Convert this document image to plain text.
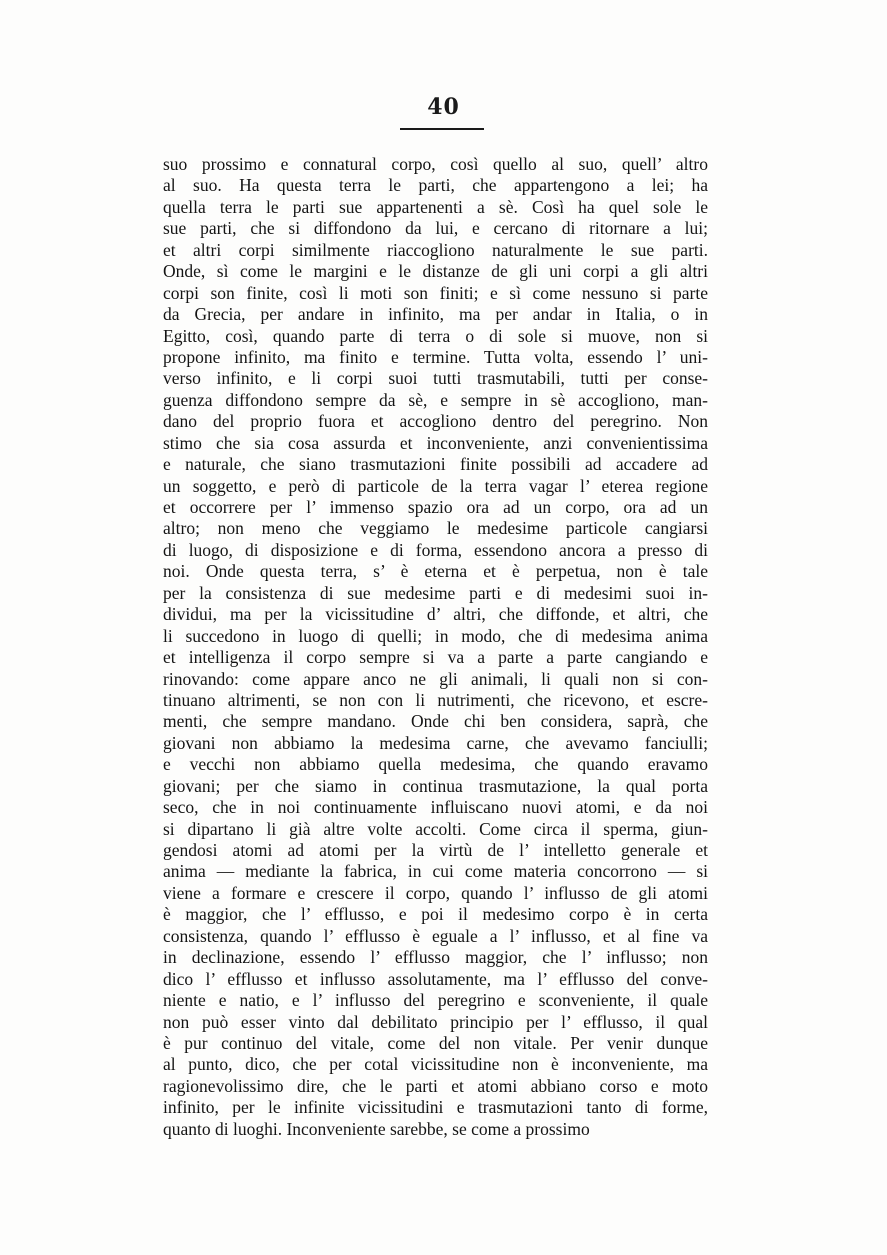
40
suo prossimo e connatural corpo, così quello al suo, quell’ altro
al suo. Ha questa terra le parti, che appartengono a lei; ha
quella terra le parti sue appartenenti a sè. Così ha quel sole le
sue parti, che si diffondono da lui, e cercano di ritornare a lui;
et altri corpi similmente riaccogliono naturalmente le sue parti.
Onde, sì come le margini e le distanze de gli uni corpi a gli altri
corpi son finite, così li moti son finiti; e sì come nessuno si parte
da Grecia, per andare in infinito, ma per andar in Italia, o in
Egitto, così, quando parte di terra o di sole si muove, non si
propone infinito, ma finito e termine. Tutta volta, essendo l’ uni-
verso infinito, e li corpi suoi tutti trasmutabili, tutti per conse-
guenza diffondono sempre da sè, e sempre in sè accogliono, man-
dano del proprio fuora et accogliono dentro del peregrino. Non
stimo che sia cosa assurda et inconveniente, anzi convenientissima
e naturale, che siano trasmutazioni finite possibili ad accadere ad
un soggetto, e però di particole de la terra vagar l’ eterea regione
et occorrere per l’ immenso spazio ora ad un corpo, ora ad un
altro; non meno che veggiamo le medesime particole cangiarsi
di luogo, di disposizione e di forma, essendono ancora a presso di
noi. Onde questa terra, s’ è eterna et è perpetua, non è tale
per la consistenza di sue medesime parti e di medesimi suoi in-
dividui, ma per la vicissitudine d’ altri, che diffonde, et altri, che
li succedono in luogo di quelli; in modo, che di medesima anima
et intelligenza il corpo sempre si va a parte a parte cangiando e
rinovando: come appare anco ne gli animali, li quali non si con-
tinuano altrimenti, se non con li nutrimenti, che ricevono, et escre-
menti, che sempre mandano. Onde chi ben considera, saprà, che
giovani non abbiamo la medesima carne, che avevamo fanciulli;
e vecchi non abbiamo quella medesima, che quando eravamo
giovani; per che siamo in continua trasmutazione, la qual porta
seco, che in noi continuamente influiscano nuovi atomi, e da noi
si dipartano li già altre volte accolti. Come circa il sperma, giun-
gendosi atomi ad atomi per la virtù de l’ intelletto generale et
anima — mediante la fabrica, in cui come materia concorrono — si
viene a formare e crescere il corpo, quando l’ influsso de gli atomi
è maggior, che l’ efflusso, e poi il medesimo corpo è in certa
consistenza, quando l’ efflusso è eguale a l’ influsso, et al fine va
in declinazione, essendo l’ efflusso maggior, che l’ influsso; non
dico l’ efflusso et influsso assolutamente, ma l’ efflusso del conve-
niente e natio, e l’ influsso del peregrino e sconveniente, il quale
non può esser vinto dal debilitato principio per l’ efflusso, il qual
è pur continuo del vitale, come del non vitale. Per venir dunque
al punto, dico, che per cotal vicissitudine non è inconveniente, ma
ragionevolissimo dire, che le parti et atomi abbiano corso e moto
infinito, per le infinite vicissitudini e trasmutazioni tanto di forme,
quanto di luoghi. Inconveniente sarebbe, se come a prossimo
